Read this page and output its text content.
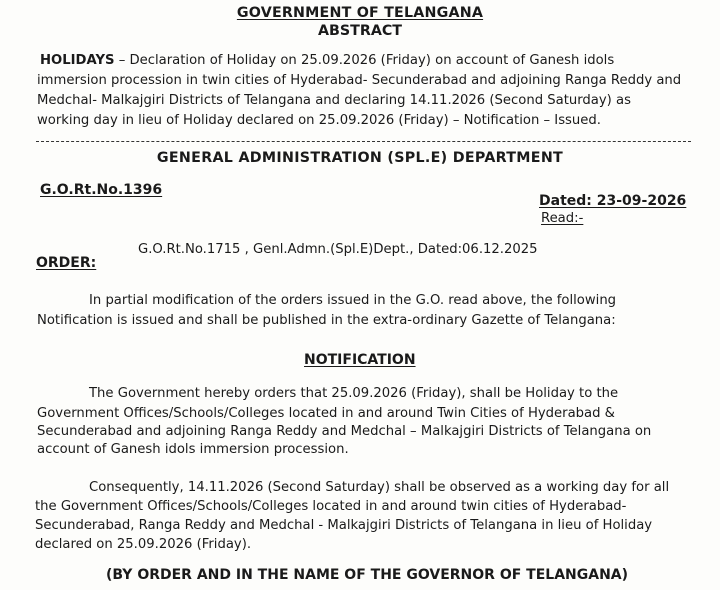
GOVERNMENT OF TELANGANA
ABSTRACT
HOLIDAYS – Declaration of Holiday on 25.09.2026 (Friday) on account of Ganesh idols
immersion procession in twin cities of Hyderabad- Secunderabad and adjoining Ranga Reddy and
Medchal- Malkajgiri Districts of Telangana and declaring 14.11.2026 (Second Saturday) as
working day in lieu of Holiday declared on 25.09.2026 (Friday) – Notification – Issued.
GENERAL ADMINISTRATION (SPL.E) DEPARTMENT
G.O.Rt.No.1396
Dated: 23-09-2026
Read:-
G.O.Rt.No.1715 , Genl.Admn.(Spl.E)Dept., Dated:06.12.2025
ORDER:
In partial modification of the orders issued in the G.O. read above, the following
Notification is issued and shall be published in the extra-ordinary Gazette of Telangana:
NOTIFICATION
The Government hereby orders that 25.09.2026 (Friday), shall be Holiday to the
Government Offices/Schools/Colleges located in and around Twin Cities of Hyderabad &
Secunderabad and adjoining Ranga Reddy and Medchal – Malkajgiri Districts of Telangana on
account of Ganesh idols immersion procession.
Consequently, 14.11.2026 (Second Saturday) shall be observed as a working day for all
the Government Offices/Schools/Colleges located in and around twin cities of Hyderabad-
Secunderabad, Ranga Reddy and Medchal - Malkajgiri Districts of Telangana in lieu of Holiday
declared on 25.09.2026 (Friday).
(BY ORDER AND IN THE NAME OF THE GOVERNOR OF TELANGANA)
